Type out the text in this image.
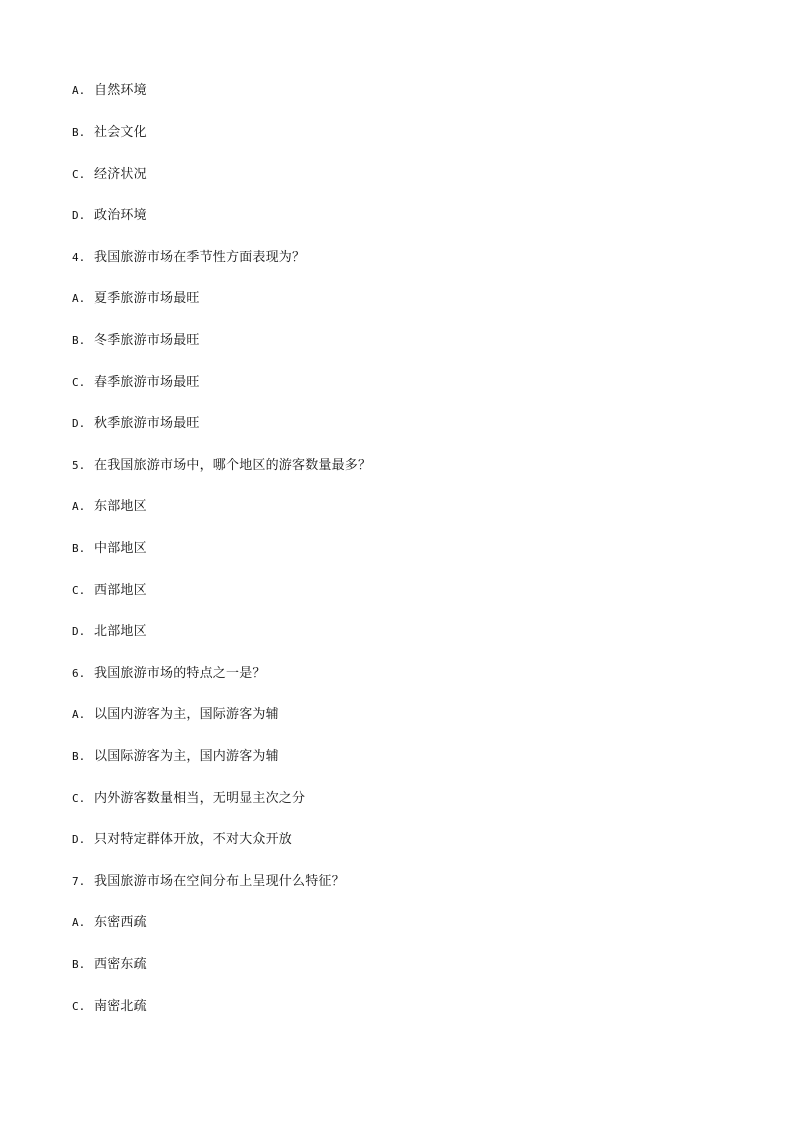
A. 自然环境
B. 社会文化
C. 经济状况
D. 政治环境
4. 我国旅游市场在季节性方面表现为？
A. 夏季旅游市场最旺
B. 冬季旅游市场最旺
C. 春季旅游市场最旺
D. 秋季旅游市场最旺
5. 在我国旅游市场中，哪个地区的游客数量最多？
A. 东部地区
B. 中部地区
C. 西部地区
D. 北部地区
6. 我国旅游市场的特点之一是？
A. 以国内游客为主，国际游客为辅
B. 以国际游客为主，国内游客为辅
C. 内外游客数量相当，无明显主次之分
D. 只对特定群体开放，不对大众开放
7. 我国旅游市场在空间分布上呈现什么特征？
A. 东密西疏
B. 西密东疏
C. 南密北疏
